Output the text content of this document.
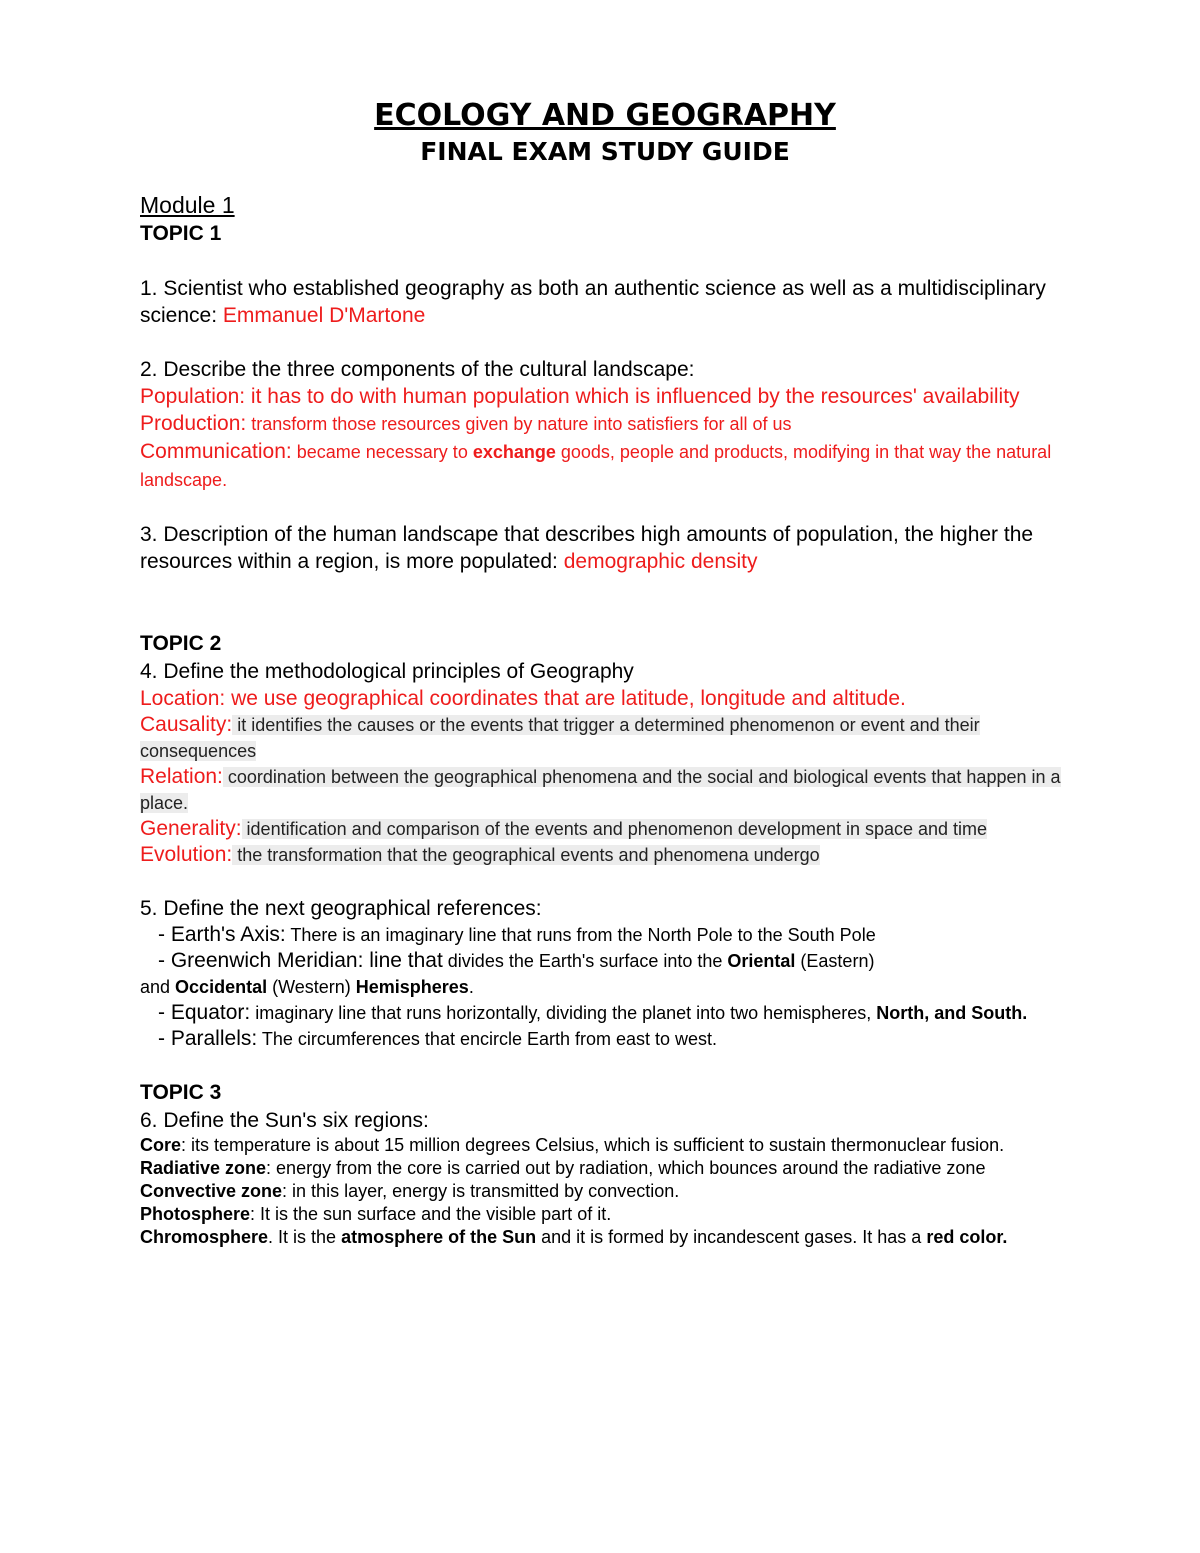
ECOLOGY AND GEOGRAPHY
FINAL EXAM STUDY GUIDE

Module 1

TOPIC 1

1. Scientist who established geography as both an authentic science as well as a multidisciplinary science: Emmanuel D'Martone

2. Describe the three components of the cultural landscape:

Population: it has to do with human population which is influenced by the resources' availability

Production: transform those resources given by nature into satisfiers for all of us

Communication: became necessary to exchange goods, people and products, modifying in that way the natural landscape.

3. Description of the human landscape that describes high amounts of population, the higher the resources within a region, is more populated: demographic density

TOPIC 2

4. Define the methodological principles of Geography

Location: we use geographical coordinates that are latitude, longitude and altitude.

Causality: it identifies the causes or the events that trigger a determined phenomenon or event and their consequences

Relation: coordination between the geographical phenomena and the social and biological events that happen in a place.

Generality: identification and comparison of the events and phenomenon development in space and time

Evolution: the transformation that the geographical events and phenomena undergo

5. Define the next geographical references:

- Earth's Axis: There is an imaginary line that runs from the North Pole to the South Pole

- Greenwich Meridian: line that divides the Earth's surface into the Oriental (Eastern)

and Occidental (Western) Hemispheres.

- Equator: imaginary line that runs horizontally, dividing the planet into two hemispheres, North, and South.

- Parallels: The circumferences that encircle Earth from east to west.

TOPIC 3

6. Define the Sun's six regions:

Core: its temperature is about 15 million degrees Celsius, which is sufficient to sustain thermonuclear fusion.

Radiative zone: energy from the core is carried out by radiation, which bounces around the radiative zone

Convective zone: in this layer, energy is transmitted by convection.

Photosphere: It is the sun surface and the visible part of it.

Chromosphere. It is the atmosphere of the Sun and it is formed by incandescent gases. It has a red color.
